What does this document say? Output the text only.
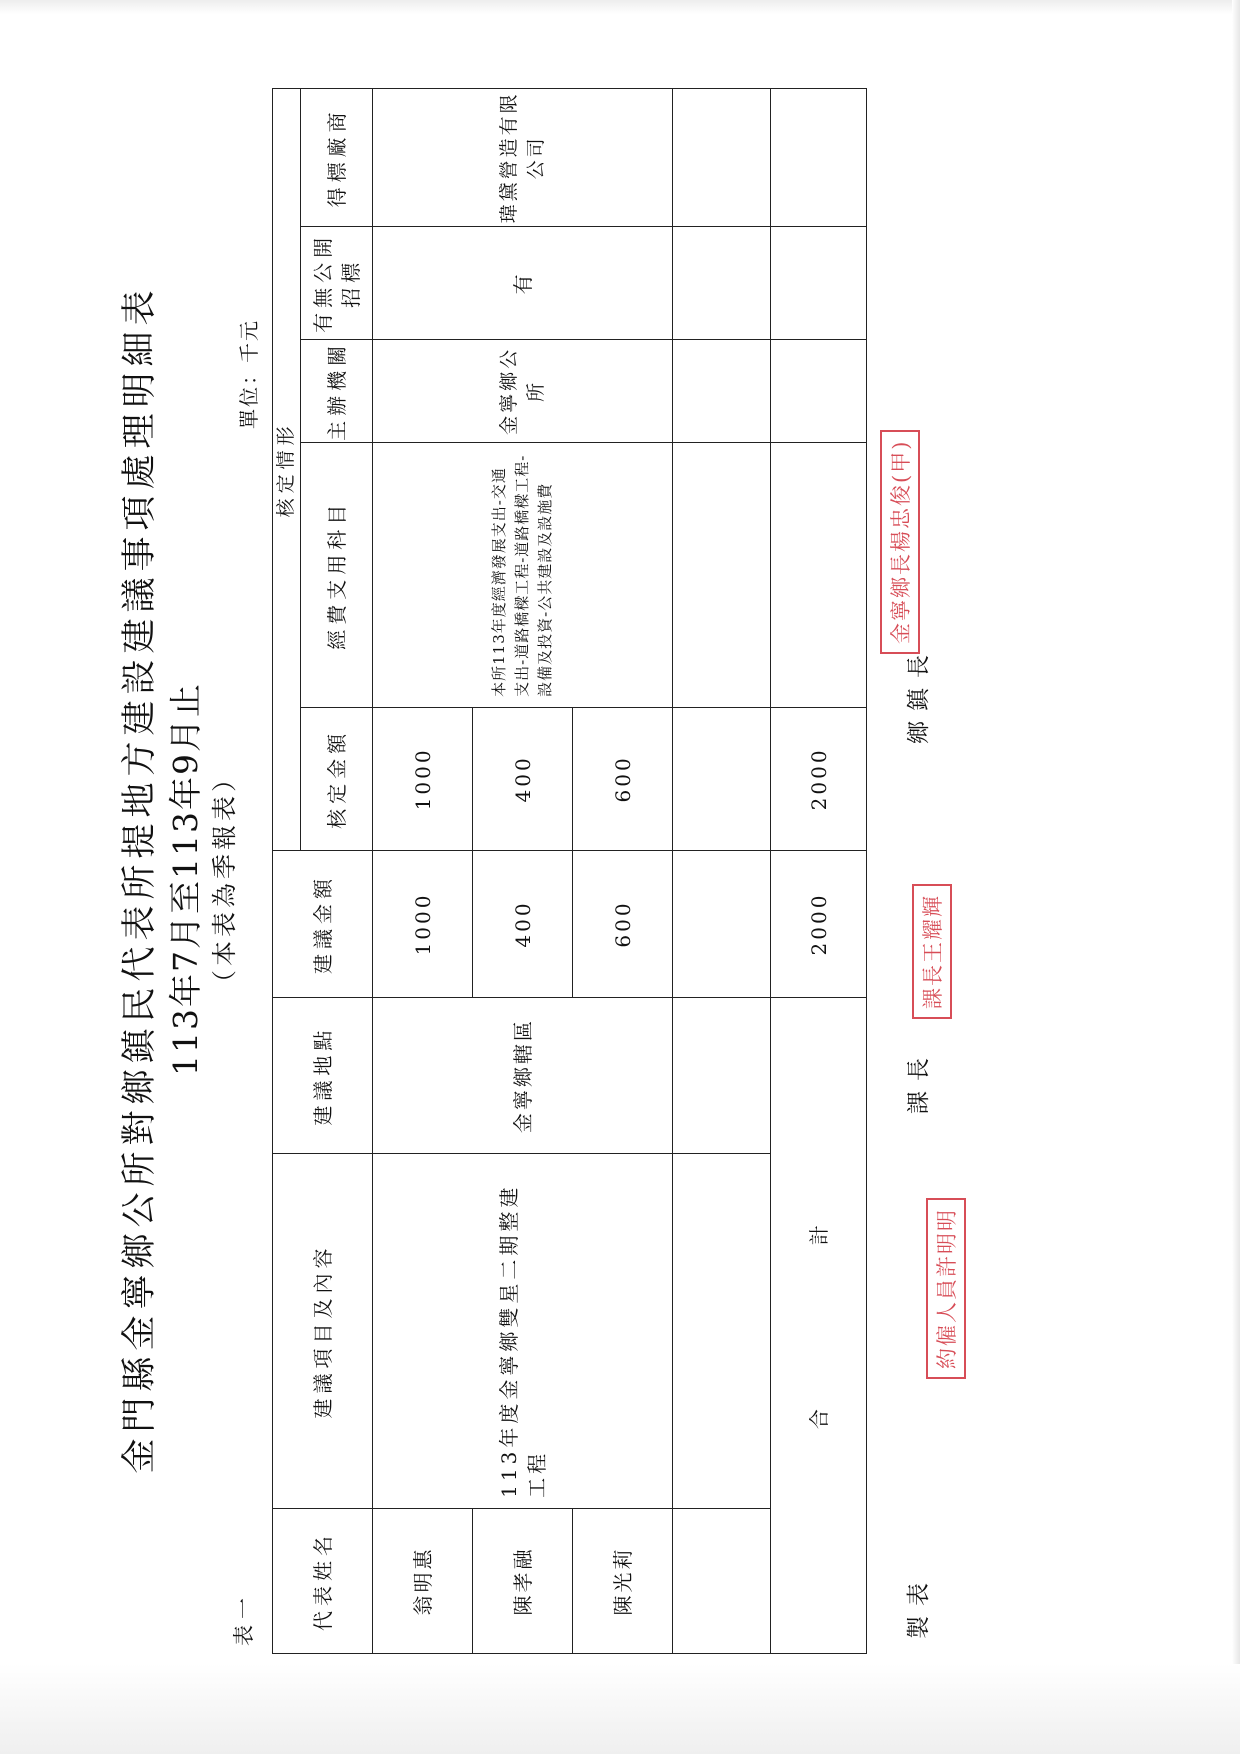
金門縣金寧鄉公所對鄉鎮民代表所提地方建設建議事項處理明細表 113年7月至113年9月止 （本表為季報表）
表一
單位：千元
代表姓名	建議項目及內容	建議地點	建議金額	核定情形				
				核定金額	經費支用科目	主辦機關	有無公開招標	得標廠商
翁明惠	113年度金寧鄉雙星二期整建工程	金寧鄉轄區	1000	1000	本所113年度經濟發展支出-交通支出-道路橋樑工程-道路橋樑工程-設備及投資-公共建設及設施費	金寧鄉公所	有	瑋黛營造有限公司
陳孝融			400	400				
陳光莉			600	600				

合　　　　　　　計			2000	2000				
製表
課長
鄉鎮長
約僱人員許明明
課長王耀輝
金寧鄉長楊忠俊(甲)
